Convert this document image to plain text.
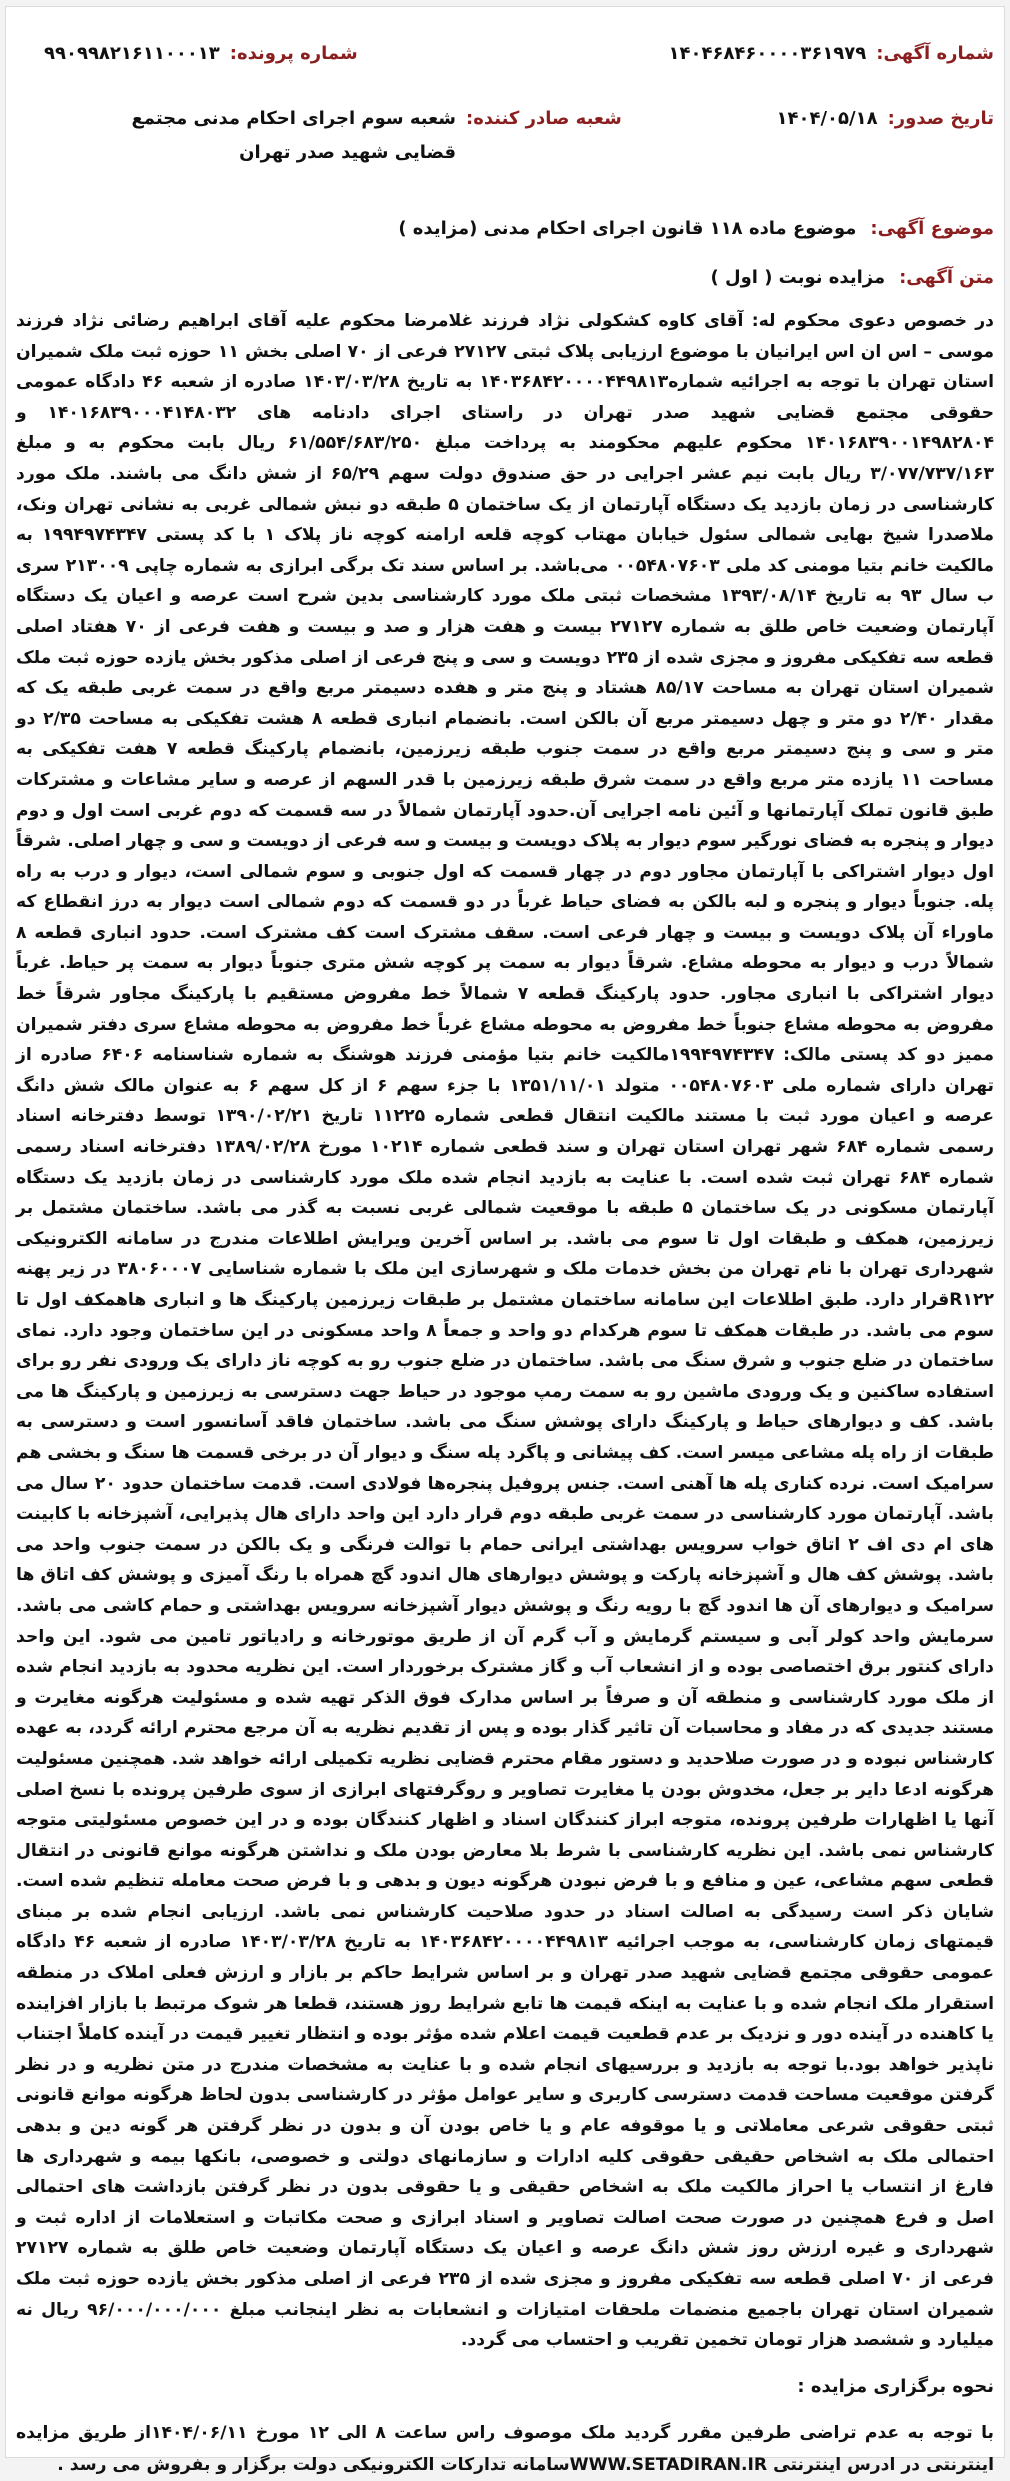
شماره آگهی:
۱۴۰۴۶۸۴۶۰۰۰۰۳۶۱۹۷۹
شماره پرونده:
۹۹۰۹۹۸۲۱۶۱۱۰۰۰۱۳
تاریخ صدور:
۱۴۰۴/۰۵/۱۸
شعبه صادر کننده:
شعبه سوم اجرای احکام مدنی مجتمع قضایی شهید صدر تهران
موضوع آگهی:
موضوع ماده ۱۱۸ قانون اجرای احکام مدنی (مزایده )
متن آگهی:
مزایده نوبت ( اول )
در خصوص دعوی محکوم له: آقای کاوه کشکولی نژاد فرزند غلامرضا محکوم علیه آقای ابراهیم رضائی نژاد فرزند موسی – اس ان اس ایرانیان با موضوع ارزیابی پلاک ثبتی ۲۷۱۲۷ فرعی از ۷۰ اصلی بخش ۱۱ حوزه ثبت ملک شمیران استان تهران با توجه به اجرائیه شماره۱۴۰۳۶۸۴۲۰۰۰۰۴۴۹۸۱۳ به تاریخ ۱۴۰۳/۰۳/۲۸ صادره از شعبه ۴۶ دادگاه عمومی حقوقی مجتمع قضایی شهید صدر تهران در راستای اجرای دادنامه های ۱۴۰۱۶۸۳۹۰۰۰۴۱۴۸۰۳۲ و ۱۴۰۱۶۸۳۹۰۰۱۴۹۸۲۸۰۴ محکوم علیهم محکومند به پرداخت مبلغ ۶۱/۵۵۴/۶۸۳/۲۵۰ ریال بابت محکوم به و مبلغ ۳/۰۷۷/۷۳۷/۱۶۳ ریال بابت نیم عشر اجرایی در حق صندوق دولت سهم ۶۵/۲۹ از شش دانگ می باشند. ملک مورد کارشناسی در زمان بازدید یک دستگاه آپارتمان از یک ساختمان ۵ طبقه دو نبش شمالی غربی به نشانی تهران ونک، ملاصدرا شیخ بهایی شمالی سئول خیابان مهتاب کوچه قلعه ارامنه کوچه ناز پلاک ۱ با کد پستی ۱۹۹۴۹۷۴۳۴۷ به مالکیت خانم بتیا مومنی کد ملی ۰۰۵۴۸۰۷۶۰۳ می‌باشد. بر اساس سند تک برگی ابرازی به شماره چاپی ۲۱۳۰۰۹ سری ب سال ۹۳ به تاریخ ۱۳۹۳/۰۸/۱۴ مشخصات ثبتی ملک مورد کارشناسی بدین شرح است عرصه و اعیان یک دستگاه آپارتمان وضعیت خاص طلق به شماره ۲۷۱۲۷ بیست و هفت هزار و صد و بیست و هفت فرعی از ۷۰ هفتاد اصلی قطعه سه تفکیکی مفروز و مجزی شده از ۲۳۵ دویست و سی و پنج فرعی از اصلی مذکور بخش یازده حوزه ثبت ملک شمیران استان تهران به مساحت ۸۵/۱۷ هشتاد و پنج متر و هفده دسیمتر مربع واقع در سمت غربی طبقه یک که مقدار ۲/۴۰ دو متر و چهل دسیمتر مربع آن بالکن است. بانضمام انباری قطعه ۸ هشت تفکیکی به مساحت ۲/۳۵ دو متر و سی و پنج دسیمتر مربع واقع در سمت جنوب طبقه زیرزمین، بانضمام پارکینگ قطعه ۷ هفت تفکیکی به مساحت ۱۱ یازده متر مربع واقع در سمت شرق طبقه زیرزمین با قدر السهم از عرصه و سایر مشاعات و مشترکات طبق قانون تملک آپارتمانها و آئین نامه اجرایی آن.حدود آپارتمان شمالاً در سه قسمت که دوم غربی است اول و دوم دیوار و پنجره به فضای نورگیر سوم دیوار به پلاک دویست و بیست و سه فرعی از دویست و سی و چهار اصلی. شرقاً اول دیوار اشتراکی با آپارتمان مجاور دوم در چهار قسمت که اول جنوبی و سوم شمالی است، دیوار و درب به راه پله. جنوباً دیوار و پنجره و لبه بالکن به فضای حیاط غرباً در دو قسمت که دوم شمالی است دیوار به درز انقطاع که ماوراء آن پلاک دویست و بیست و چهار فرعی است. سقف مشترک است کف مشترک است. حدود انباری قطعه ۸ شمالاً درب و دیوار به محوطه مشاع. شرقاً دیوار به سمت پر کوچه شش متری جنوباً دیوار به سمت پر حیاط. غرباً دیوار اشتراکی با انباری مجاور. حدود پارکینگ قطعه ۷ شمالاً خط مفروض مستقیم با پارکینگ مجاور شرقاً خط مفروض به محوطه مشاع جنوباً خط مفروض به محوطه مشاع غرباً خط مفروض به محوطه مشاع سری دفتر شمیران ممیز دو کد پستی مالک: ۱۹۹۴۹۷۴۳۴۷مالکیت خانم بتیا مؤمنی فرزند هوشنگ به شماره شناسنامه ۶۴۰۶ صادره از تهران دارای شماره ملی ۰۰۵۴۸۰۷۶۰۳ متولد ۱۳۵۱/۱۱/۰۱ با جزء سهم ۶ از کل سهم ۶ به عنوان مالک شش دانگ عرصه و اعیان مورد ثبت با مستند مالکیت انتقال قطعی شماره ۱۱۲۲۵ تاریخ ۱۳۹۰/۰۲/۲۱ توسط دفترخانه اسناد رسمی شماره ۶۸۴ شهر تهران استان تهران و سند قطعی شماره ۱۰۲۱۴ مورخ ۱۳۸۹/۰۲/۲۸ دفترخانه اسناد رسمی شماره ۶۸۴ تهران ثبت شده است. با عنایت به بازدید انجام شده ملک مورد کارشناسی در زمان بازدید یک دستگاه آپارتمان مسکونی در یک ساختمان ۵ طبقه با موقعیت شمالی غربی نسبت به گذر می باشد. ساختمان مشتمل بر زیرزمین، همکف و طبقات اول تا سوم می باشد. بر اساس آخرین ویرایش اطلاعات مندرج در سامانه الکترونیکی شهرداری تهران با نام تهران من بخش خدمات ملک و شهرسازی این ملک با شماره شناسایی ۳۸۰۶۰۰۰۷ در زیر پهنه R۱۲۲قرار دارد. طبق اطلاعات این سامانه ساختمان مشتمل بر طبقات زیرزمین پارکینگ ها و انباری هاهمکف اول تا سوم می باشد. در طبقات همکف تا سوم هرکدام دو واحد و جمعاً ۸ واحد مسکونی در این ساختمان وجود دارد. نمای ساختمان در ضلع جنوب و شرق سنگ می باشد. ساختمان در ضلع جنوب رو به کوچه ناز دارای یک ورودی نفر رو برای استفاده ساکنین و یک ورودی ماشین رو به سمت رمپ موجود در حیاط جهت دسترسی به زیرزمین و پارکینگ ها می باشد. کف و دیوارهای حیاط و پارکینگ دارای پوشش سنگ می باشد. ساختمان فاقد آسانسور است و دسترسی به طبقات از راه پله مشاعی میسر است. کف پیشانی و پاگرد پله سنگ و دیوار آن در برخی قسمت ها سنگ و بخشی هم سرامیک است. نرده کناری پله ها آهنی است. جنس پروفیل پنجره‌ها فولادی است. قدمت ساختمان حدود ۲۰ سال می باشد. آپارتمان مورد کارشناسی در سمت غربی طبقه دوم قرار دارد این واحد دارای هال پذیرایی، آشپزخانه با کابینت های ام دی اف ۲ اتاق خواب سرویس بهداشتی ایرانی حمام با توالت فرنگی و یک بالکن در سمت جنوب واحد می باشد. پوشش کف هال و آشپزخانه پارکت و پوشش دیوارهای هال اندود گچ همراه با رنگ آمیزی و پوشش کف اتاق ها سرامیک و دیوارهای آن ها اندود گچ با رویه رنگ و پوشش دیوار آشپزخانه سرویس بهداشتی و حمام کاشی می باشد. سرمایش واحد کولر آبی و سیستم گرمایش و آب گرم آن از طریق موتورخانه و رادیاتور تامین می شود. این واحد دارای کنتور برق اختصاصی بوده و از انشعاب آب و گاز مشترک برخوردار است. این نظریه محدود به بازدید انجام شده از ملک مورد کارشناسی و منطقه آن و صرفاً بر اساس مدارک فوق الذکر تهیه شده و مسئولیت هرگونه مغایرت و مستند جدیدی که در مفاد و محاسبات آن تاثیر گذار بوده و پس از تقدیم نظریه به آن مرجع محترم ارائه گردد، به عهده کارشناس نبوده و در صورت صلاحدید و دستور مقام محترم قضایی نظریه تکمیلی ارائه خواهد شد. همچنین مسئولیت هرگونه ادعا دایر بر جعل، مخدوش بودن یا مغایرت تصاویر و روگرفتهای ابرازی از سوی طرفین پرونده با نسخ اصلی آنها یا اظهارات طرفین پرونده، متوجه ابراز کنندگان اسناد و اظهار کنندگان بوده و در این خصوص مسئولیتی متوجه کارشناس نمی باشد. این نظریه کارشناسی با شرط بلا معارض بودن ملک و نداشتن هرگونه موانع قانونی در انتقال قطعی سهم مشاعی، عین و منافع و با فرض نبودن هرگونه دیون و بدهی و با فرض صحت معامله تنظیم شده است. شایان ذکر است رسیدگی به اصالت اسناد در حدود صلاحیت کارشناس نمی باشد. ارزیابی انجام شده بر مبنای قیمتهای زمان کارشناسی، به موجب اجرائیه ۱۴۰۳۶۸۴۲۰۰۰۰۴۴۹۸۱۳ به تاریخ ۱۴۰۳/۰۳/۲۸ صادره از شعبه ۴۶ دادگاه عمومی حقوقی مجتمع قضایی شهید صدر تهران و بر اساس شرایط حاکم بر بازار و ارزش فعلی املاک در منطقه استقرار ملک انجام شده و با عنایت به اینکه قیمت ها تابع شرایط روز هستند، قطعا هر شوک مرتبط با بازار افزاینده یا کاهنده در آینده دور و نزدیک بر عدم قطعیت قیمت اعلام شده مؤثر بوده و انتظار تغییر قیمت در آینده کاملاً اجتناب ناپذیر خواهد بود.با توجه به بازدید و بررسیهای انجام شده و با عنایت به مشخصات مندرج در متن نظریه و در نظر گرفتن موقعیت مساحت قدمت دسترسی کاربری و سایر عوامل مؤثر در کارشناسی بدون لحاظ هرگونه موانع قانونی ثبتی حقوقی شرعی معاملاتی و یا موقوفه عام و یا خاص بودن آن و بدون در نظر گرفتن هر گونه دین و بدهی احتمالی ملک به اشخاص حقیقی حقوقی کلیه ادارات و سازمانهای دولتی و خصوصی، بانکها بیمه و شهرداری ها فارغ از انتساب یا احراز مالکیت ملک به اشخاص حقیقی و یا حقوقی بدون در نظر گرفتن بازداشت های احتمالی اصل و فرع همچنین در صورت صحت اصالت تصاویر و اسناد ابرازی و صحت مکاتبات و استعلامات از اداره ثبت و شهرداری و غیره ارزش روز شش دانگ عرصه و اعیان یک دستگاه آپارتمان وضعیت خاص طلق به شماره ۲۷۱۲۷ فرعی از ۷۰ اصلی قطعه سه تفکیکی مفروز و مجزی شده از ۲۳۵ فرعی از اصلی مذکور بخش یازده حوزه ثبت ملک شمیران استان تهران باجمیع منضمات ملحقات امتیازات و انشعابات به نظر اینجانب مبلغ ۹۶/۰۰۰/۰۰۰/۰۰۰ ریال نه میلیارد و ششصد هزار تومان تخمین تقریب و احتساب می گردد.
نحوه برگزاری مزایده :
با توجه به عدم تراضی طرفین مقرر گردید ملک موصوف راس ساعت ۸ الی ۱۲ مورخ ۱۴۰۴/۰۶/۱۱از طریق مزایده اینترنتی در ادرس اینترنتی WWW.SETADIRAN.IRسامانه تدارکات الکترونیکی دولت برگزار و بفروش می رسد .
